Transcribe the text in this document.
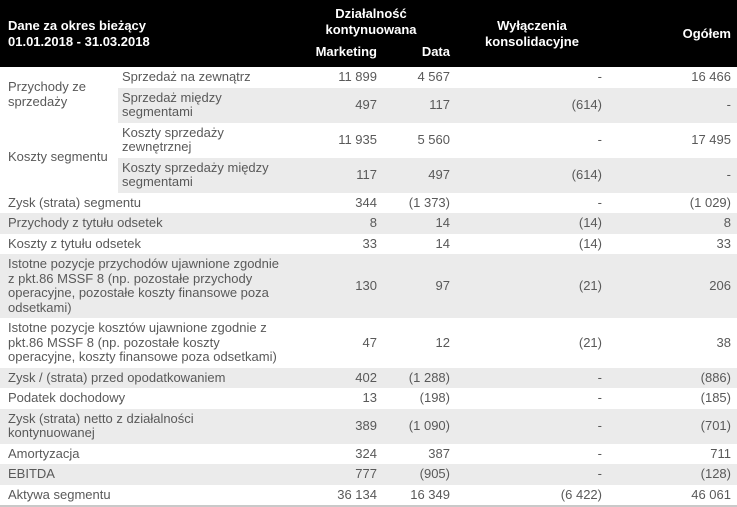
Dane za okres bieżący
01.01.2018 - 31.03.2018		Działalność kontynuowana		Wyłączenia konsolidacyjne	Ogółem
		Marketing	Data		
Przychody ze sprzedaży	Sprzedaż na zewnątrz	11 899	4 567	-	16 466
	Sprzedaż między segmentami	497	117	(614)	-
Koszty segmentu	Koszty sprzedaży zewnętrznej	11 935	5 560	-	17 495
	Koszty sprzedaży między segmentami	117	497	(614)	-
Zysk (strata) segmentu		344	(1 373)	-	(1 029)
Przychody z tytułu odsetek		8	14	(14)	8
Koszty z tytułu odsetek		33	14	(14)	33
Istotne pozycje przychodów ujawnione zgodnie z pkt.86 MSSF 8 (np. pozostałe przychody operacyjne, pozostałe koszty finansowe poza odsetkami)		130	97	(21)	206
Istotne pozycje kosztów ujawnione zgodnie z pkt.86 MSSF 8 (np. pozostałe koszty operacyjne, koszty finansowe poza odsetkami)		47	12	(21)	38
Zysk / (strata) przed opodatkowaniem		402	(1 288)	-	(886)
Podatek dochodowy		13	(198)	-	(185)
Zysk (strata) netto z działalności kontynuowanej		389	(1 090)	-	(701)
Amortyzacja		324	387	-	711
EBITDA		777	(905)	-	(128)
Aktywa segmentu		36 134	16 349	(6 422)	46 061
